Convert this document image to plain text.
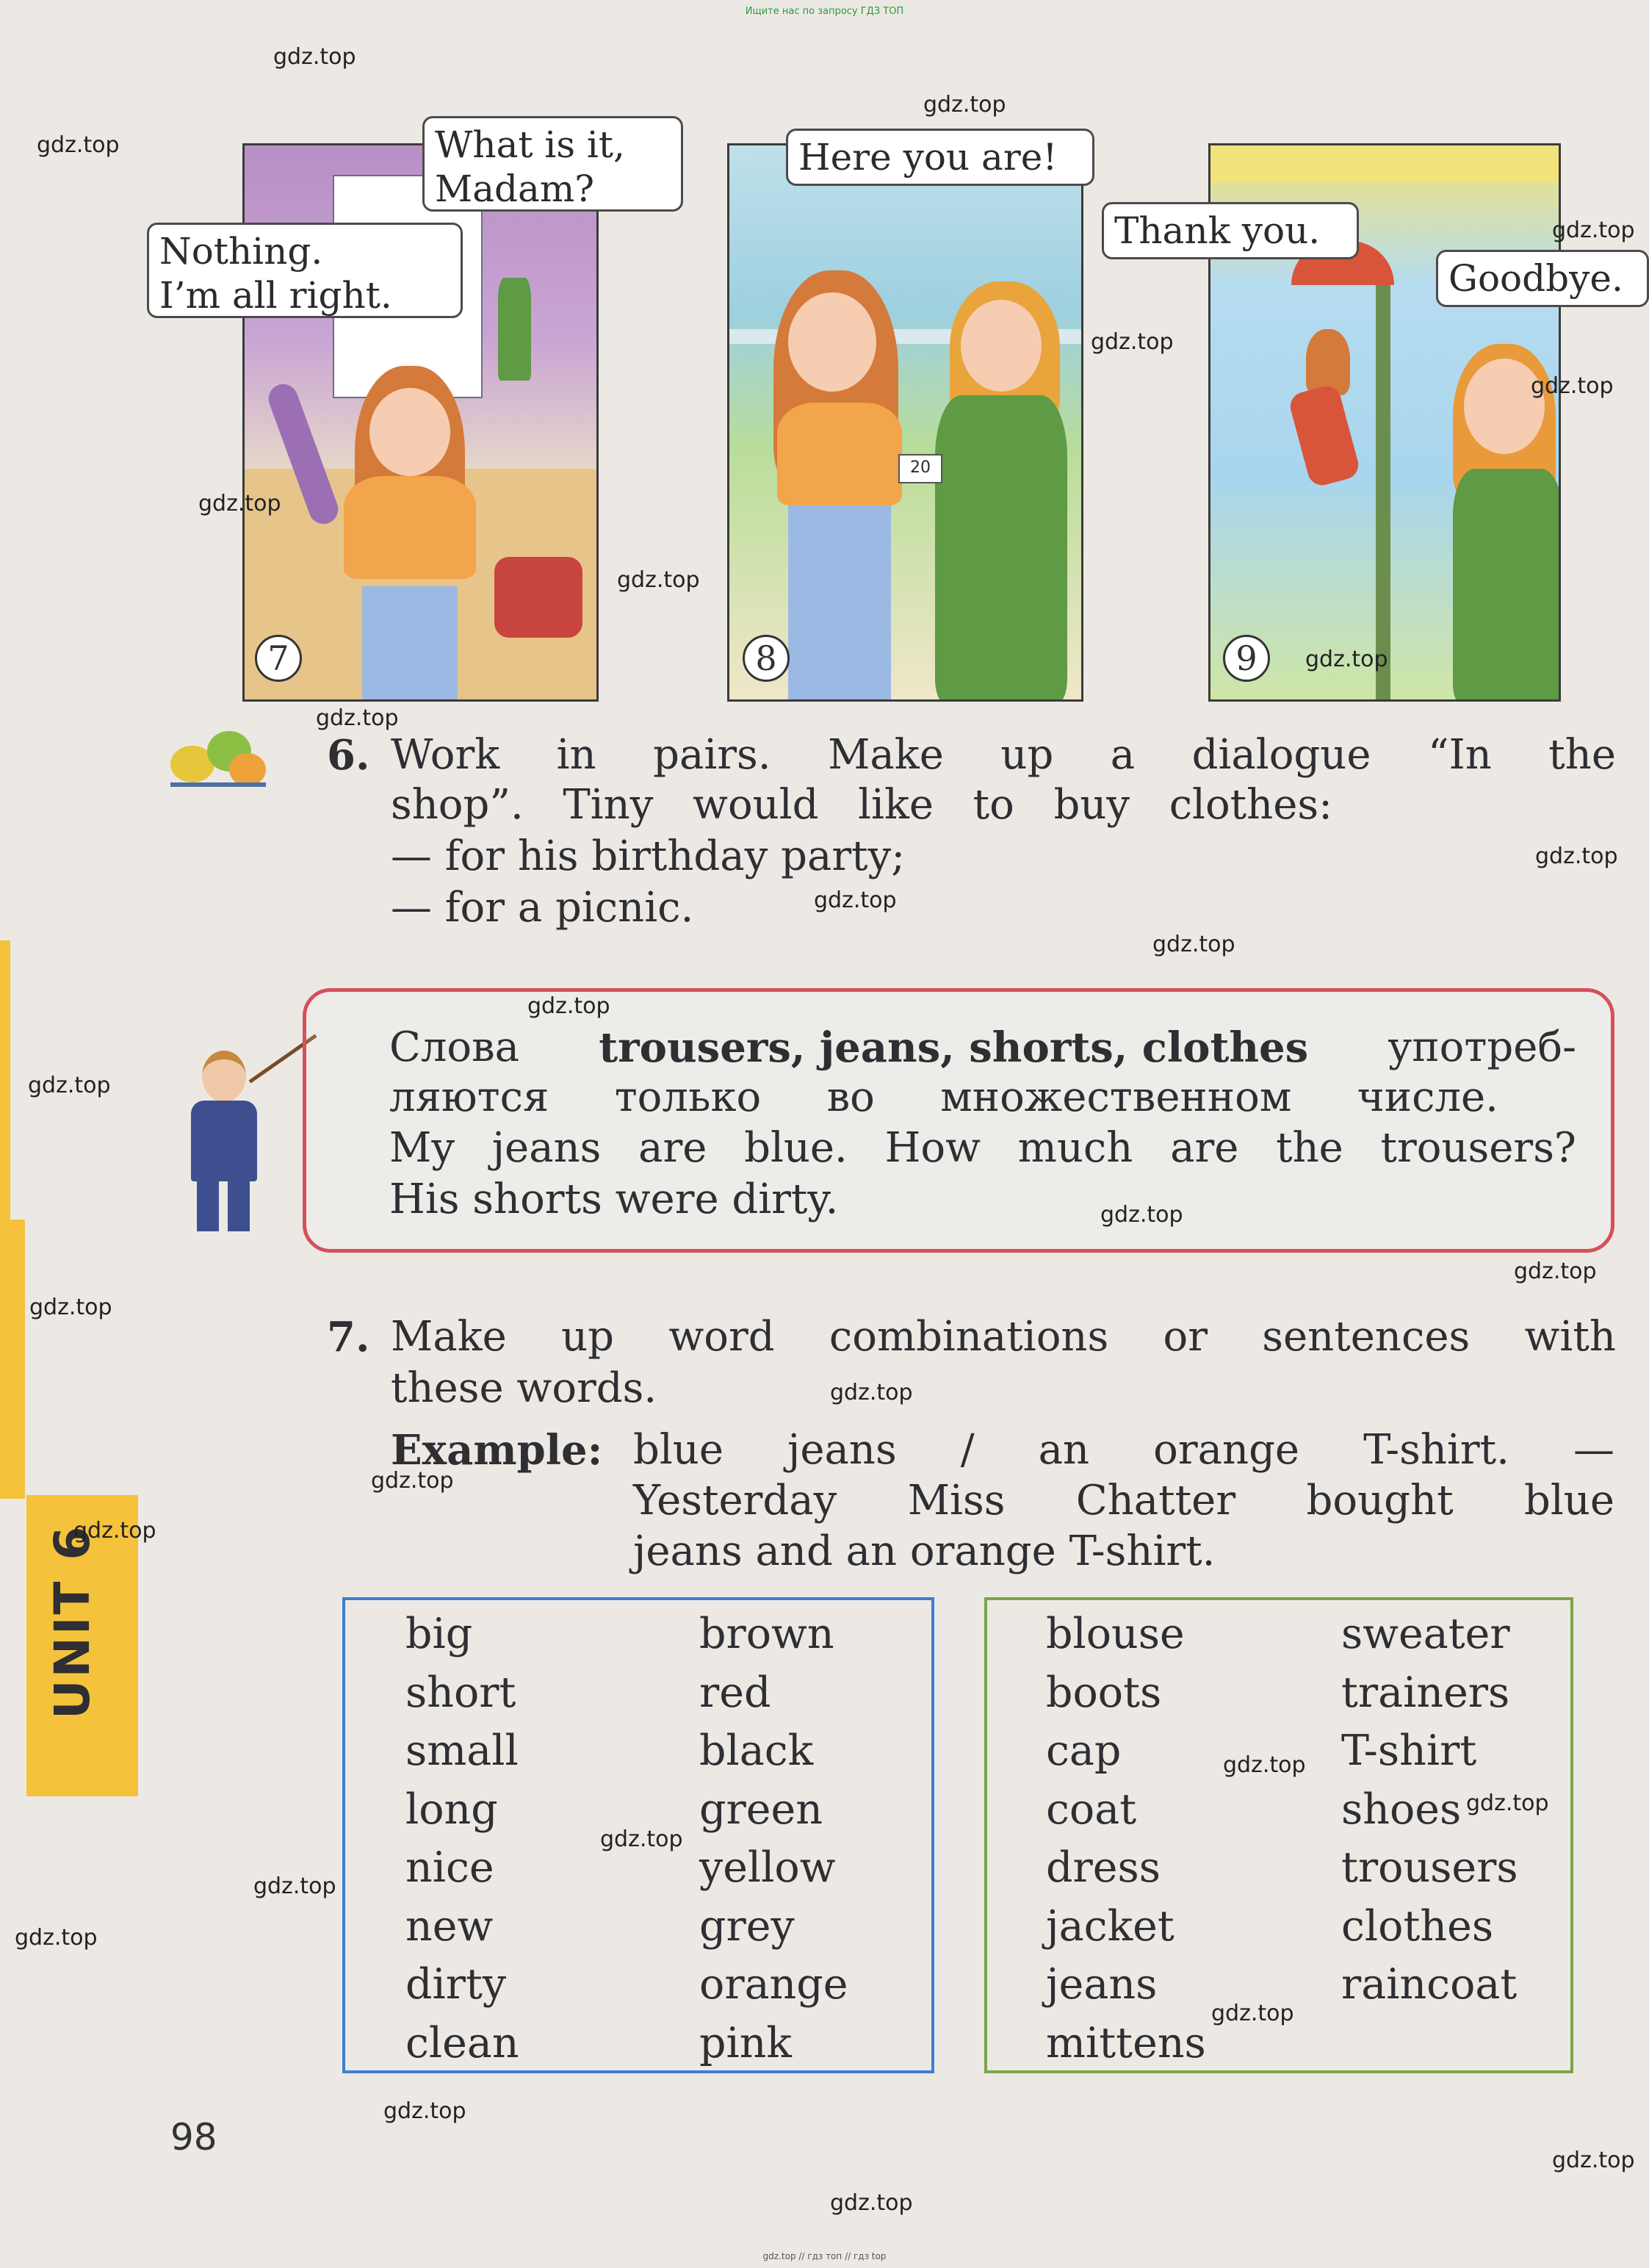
Ищите нас по запросу ГДЗ ТОП
gdz.top // гдз топ // гдз top
7
Nothing.
I’m all right.
What is it,
Madam?
20
8
Here you are!
9
Thank you.
Goodbye.
6. Work in pairs. Make up a dialogue “In the
shop”. Tiny would like to buy clothes:
— for his birthday party;
— for a picnic.
Слова trousers, jeans, shorts, clothes употреб-
ляются только во множественном числе.
My jeans are blue. How much are the trousers?
His shorts were dirty.
7. Make up word combinations or sentences with
these words.
Example: blue jeans / an orange T-shirt. —
Yesterday Miss Chatter bought blue
jeans and an orange T-shirt.
UNIT 6	big
short
small
long
nice
new
dirty
clean
brown
red
black
green
yellow
grey
orange
pink
blouse
boots
cap
coat
dress
jacket
jeans
mittens
sweater
trainers
T-shirt
shoes
trousers
clothes
raincoat
98
gdz.top
gdz.top
gdz.top
gdz.top
gdz.top
gdz.top
gdz.top
gdz.top
gdz.top
gdz.top
gdz.top
gdz.top
gdz.top
gdz.top
gdz.top
gdz.top
gdz.top
gdz.top
gdz.top
gdz.top
gdz.top
gdz.top
gdz.top
gdz.top
gdz.top
gdz.top
gdz.top
gdz.top
gdz.top
gdz.top
